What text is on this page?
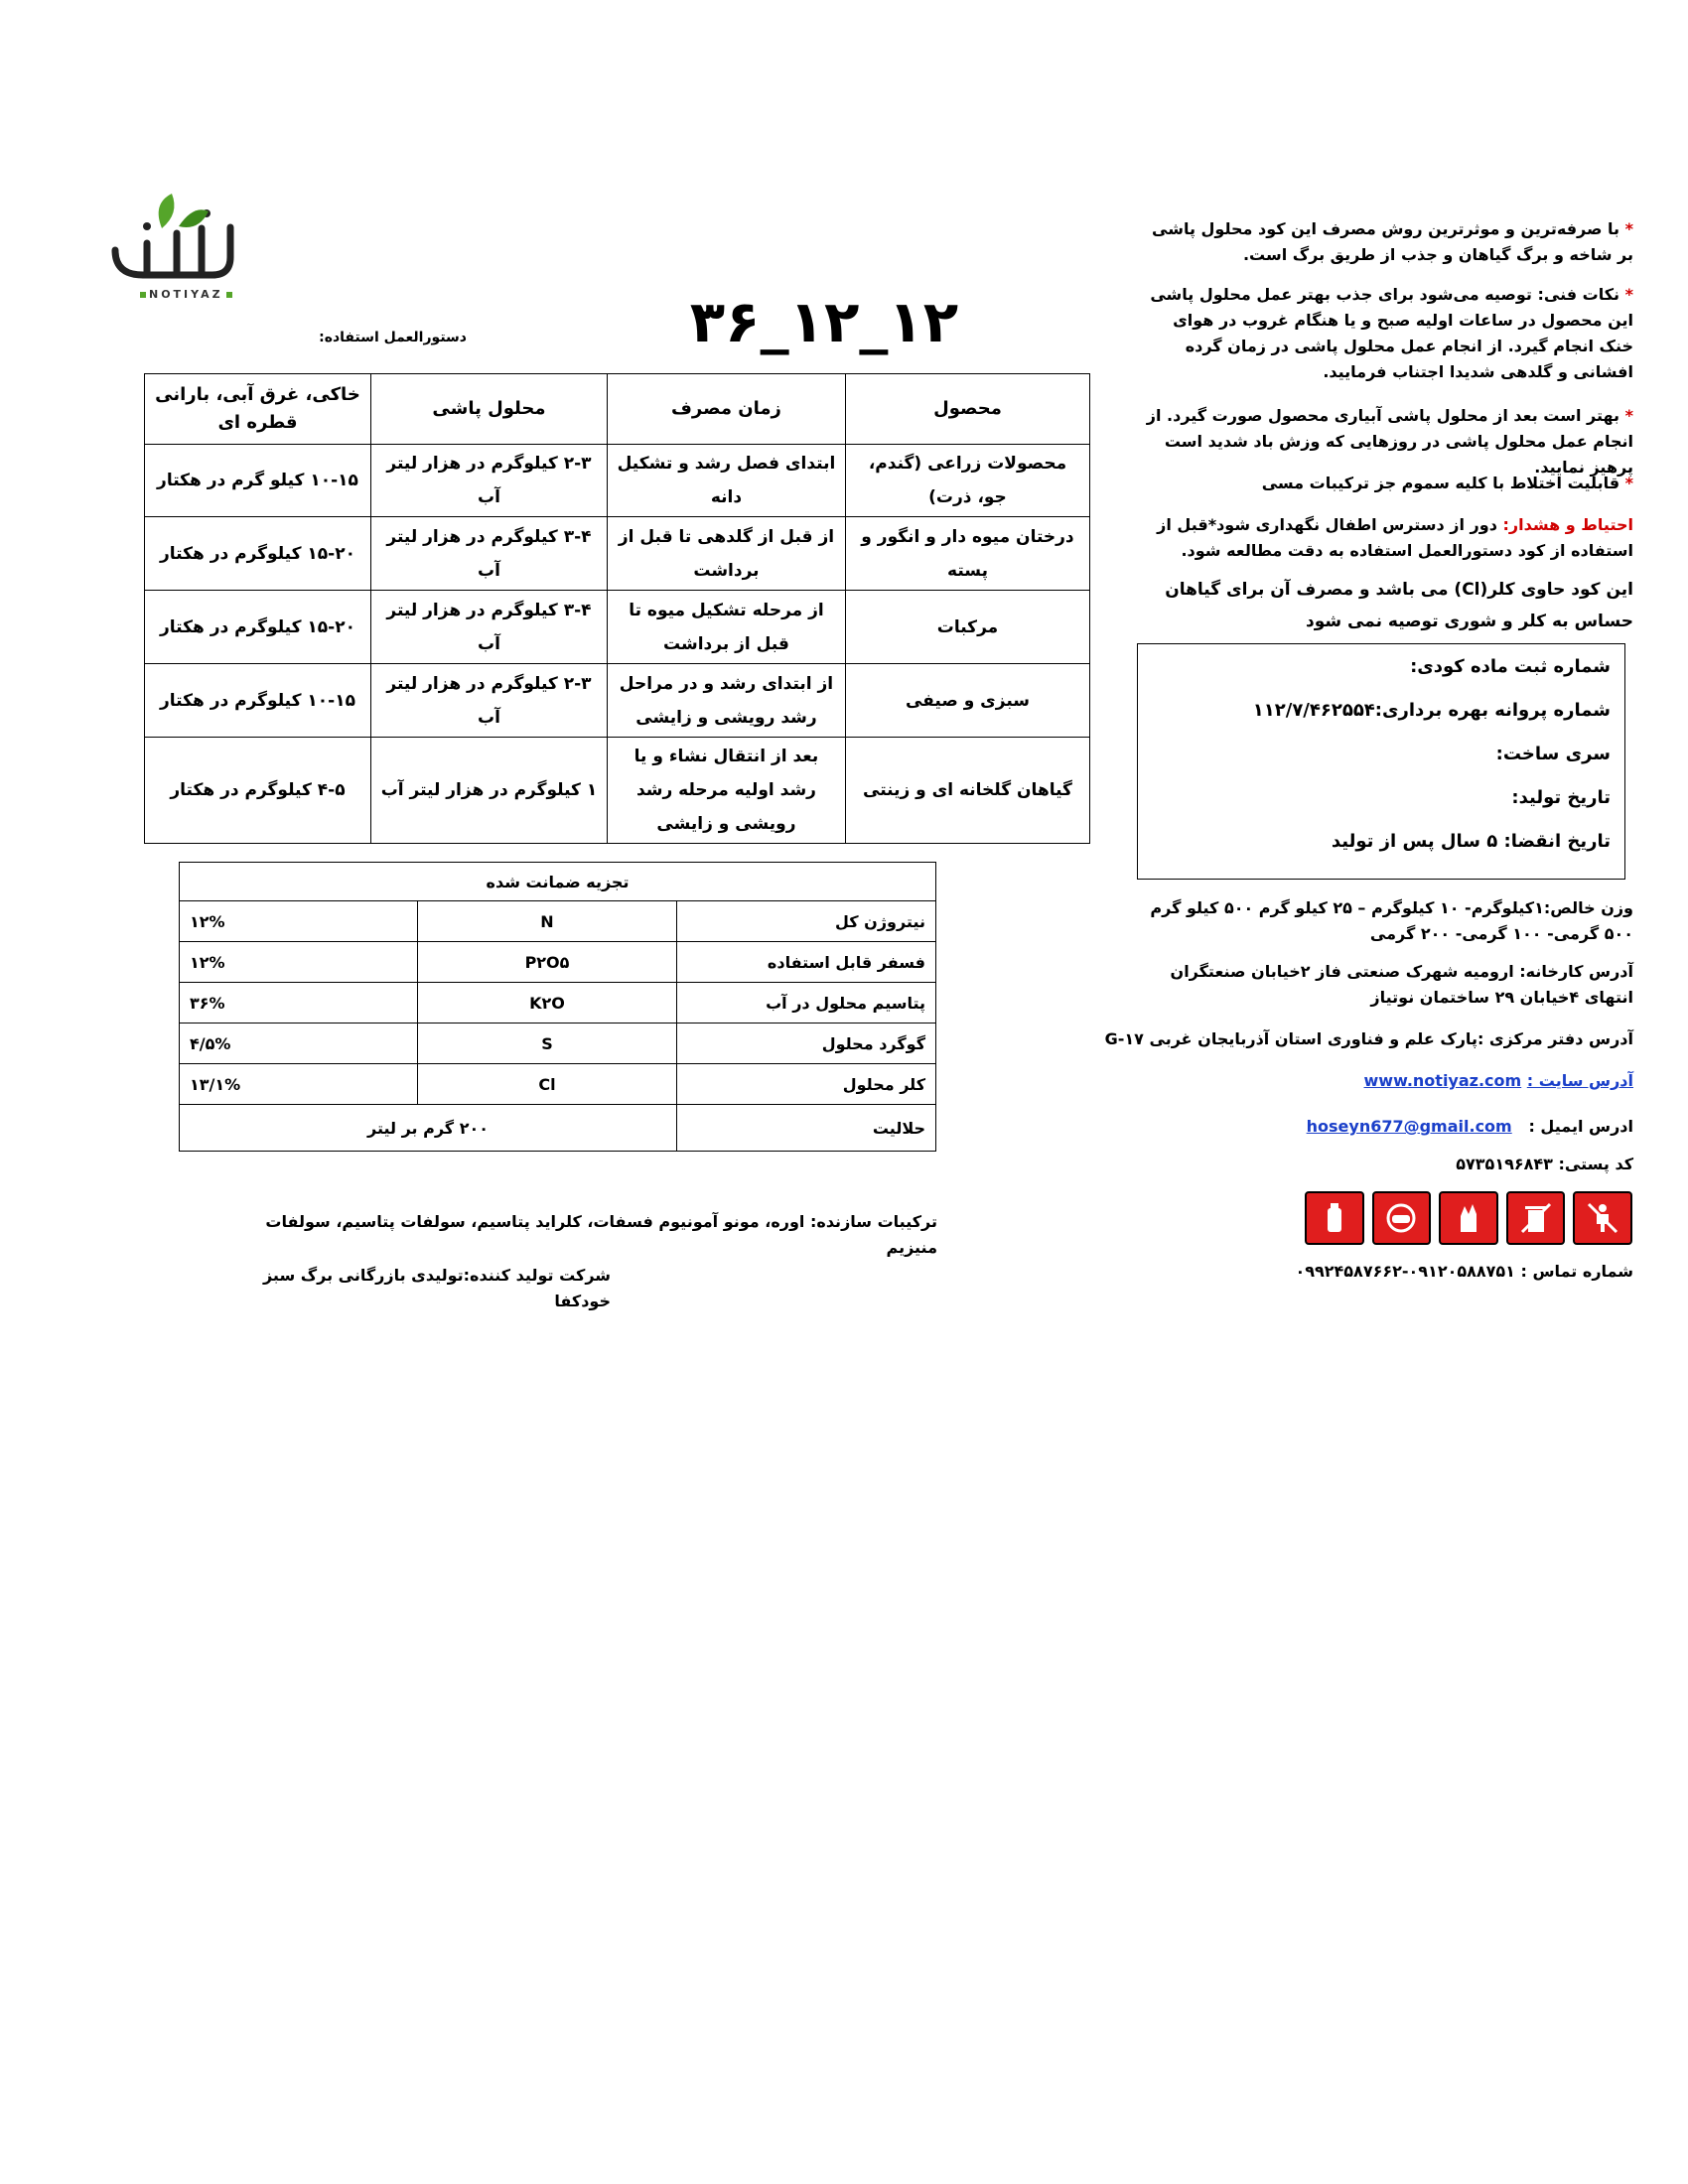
NOTIYAZ	۱۲_۱۲_۳۶
دستورالعمل استفاده:
محصول	زمان مصرف	محلول پاشی	خاکی، غرق آبی، بارانی قطره ای
محصولات زراعی (گندم، جو، ذرت)	ابتدای فصل رشد و تشکیل دانه	۲-۳ کیلوگرم در هزار لیتر آب	۱۰-۱۵ کیلو گرم در هکتار
درختان میوه دار و انگور و پسته	از قبل از گلدهی تا قبل از برداشت	۳-۴ کیلوگرم در هزار لیتر آب	۱۵-۲۰ کیلوگرم در هکتار
مرکبات	از مرحله تشکیل میوه تا قبل از برداشت	۳-۴ کیلوگرم در هزار لیتر آب	۱۵-۲۰ کیلوگرم در هکتار
سبزی و صیفی	از ابتدای رشد و در مراحل رشد رویشی و زایشی	۲-۳ کیلوگرم در هزار لیتر آب	۱۰-۱۵ کیلوگرم در هکتار
گیاهان گلخانه ای و زینتی	بعد از انتقال نشاء و یا رشد اولیه مرحله رشد رویشی و زایشی	۱ کیلوگرم در هزار لیتر آب	۴-۵ کیلوگرم در هکتار
تجزیه ضمانت شده		
نیتروژن کل	N	۱۲%
فسفر قابل استفاده	P۲O۵	۱۲%
پتاسیم محلول در آب	K۲O	۳۶%
گوگرد محلول	S	۴/۵%
کلر محلول	Cl	۱۳/۱%
حلالیت	۲۰۰ گرم بر لیتر	
ترکیبات سازنده: اوره، مونو آمونیوم فسفات، کلراید پتاسیم، سولفات پتاسیم، سولفات منیزیم
شرکت تولید کننده:تولیدی بازرگانی برگ سبز خودکفا
* با صرفه‌ترین و موثرترین روش مصرف این کود محلول پاشی بر شاخه و برگ گیاهان و جذب از طریق برگ است.
* نکات فنی: توصیه می‌شود برای جذب بهتر عمل محلول پاشی این محصول در ساعات اولیه صبح و یا هنگام غروب در هوای خنک انجام گیرد. از انجام عمل محلول پاشی در زمان گرده افشانی و گلدهی شدیدا اجتناب فرمایید.
* بهتر است بعد از محلول پاشی آبیاری محصول صورت گیرد. از انجام عمل محلول پاشی در روزهایی که وزش باد شدید است پرهیز نمایید.
* قابلیت اختلاط با کلیه سموم جز ترکیبات مسی
احتیاط و هشدار: دور از دسترس اطفال نگهداری شود*قبل از استفاده از کود دستورالعمل استفاده به دقت مطالعه شود.
این کود حاوی کلر(Cl) می باشد و مصرف آن برای گیاهان حساس به کلر و شوری توصیه نمی شود
شماره ثبت ماده کودی:
شماره پروانه بهره برداری:۱۱۲/۷/۴۶۲۵۵۴
سری ساخت:
تاریخ تولید:
تاریخ انقضا: ۵ سال پس از تولید
وزن خالص:۱کیلوگرم- ۱۰ کیلوگرم – ۲۵ کیلو گرم ۵۰۰ کیلو گرم ۵۰۰ گرمی- ۱۰۰ گرمی- ۲۰۰ گرمی
آدرس کارخانه: ارومیه شهرک صنعتی فاز ۲خیابان صنعتگران انتهای ۴خیابان ۲۹ ساختمان نوتیاز
آدرس دفتر مرکزی :پارک علم و فناوری استان آذربایجان غربی G-۱۷
آدرس سایت : www.notiyaz.com
ادرس ایمیل :   hoseyn677@gmail.com
کد پستی: ۵۷۳۵۱۹۶۸۴۳
شماره تماس : ۰۹۱۲۰۵۸۸۷۵۱-۰۹۹۲۴۵۸۷۶۶۲
